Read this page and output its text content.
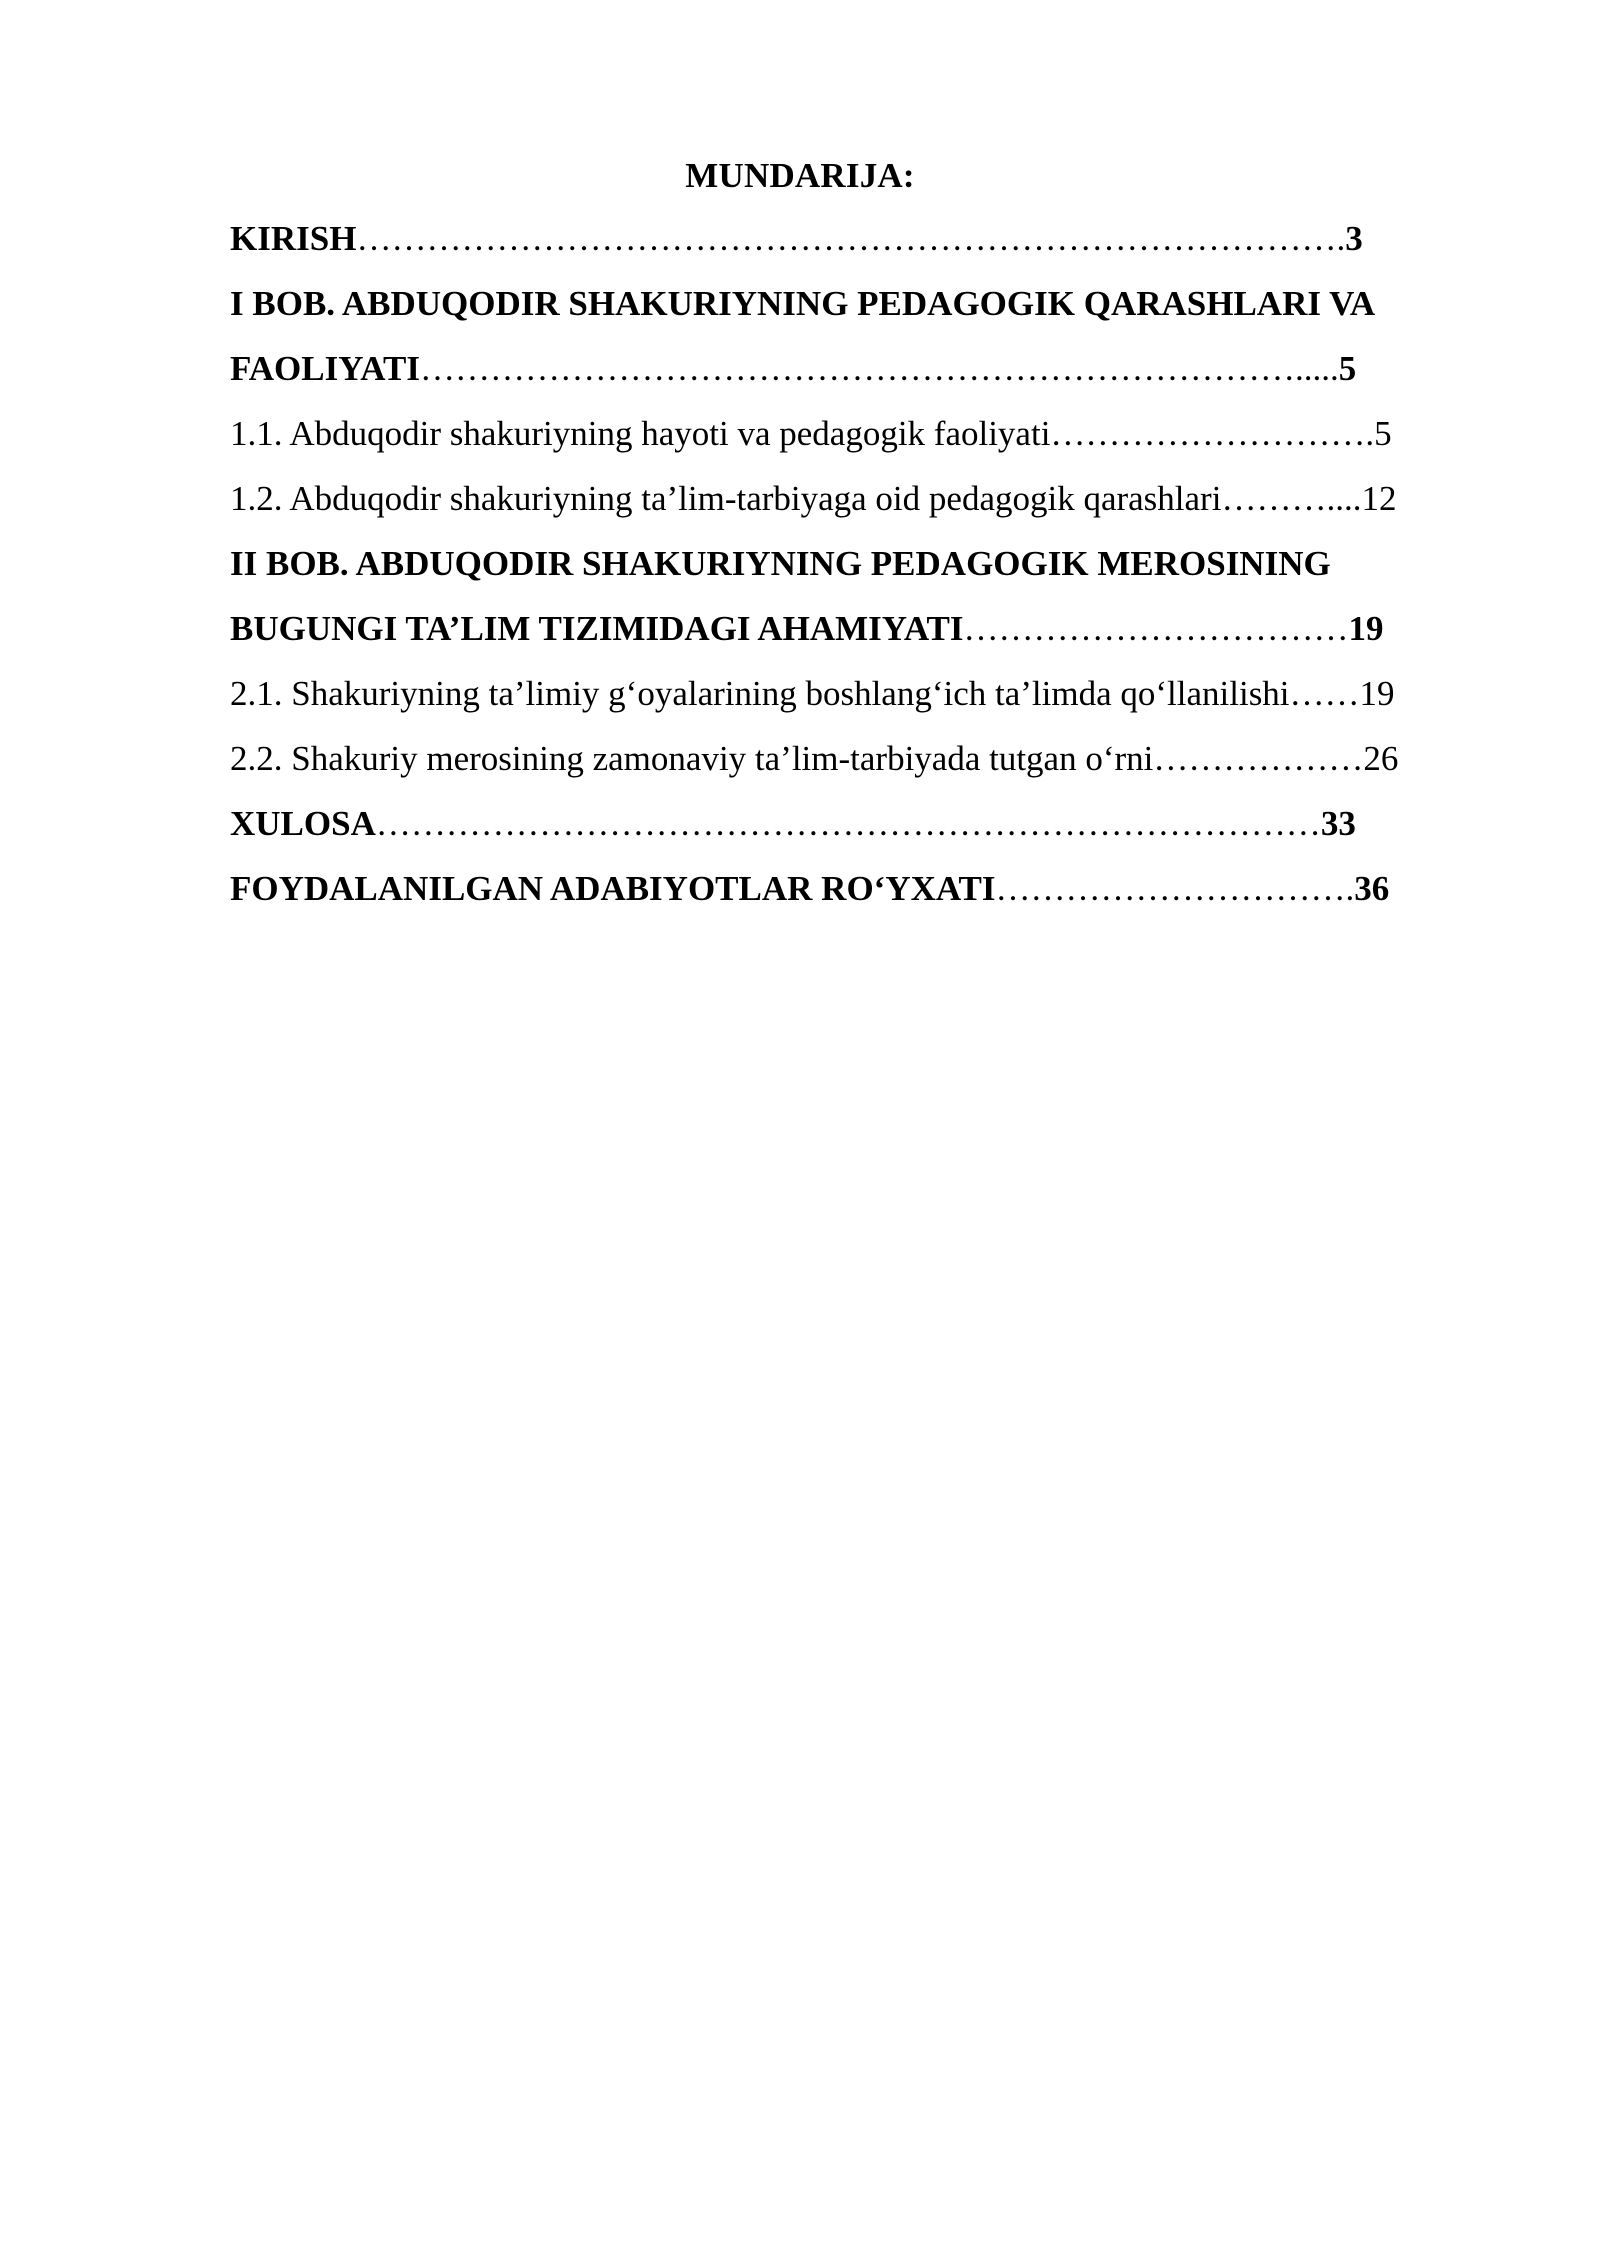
MUNDARIJA:
KIRISH………………………………………………………………………….3
I BOB. ABDUQODIR SHAKURIYNING PEDAGOGIK QARASHLARI VA
FAOLIYATI………………………………………………………………….....5
1.1. Abduqodir shakuriyning hayoti va pedagogik faoliyati……………………….5
1.2. Abduqodir shakuriyning ta’lim-tarbiyaga oid pedagogik qarashlari………....12
II BOB. ABDUQODIR SHAKURIYNING PEDAGOGIK MEROSINING
BUGUNGI TA’LIM TIZIMIDAGI AHAMIYATI……………………………19
2.1. Shakuriyning ta’limiy g‘oyalarining boshlang‘ich ta’limda qo‘llanilishi……19
2.2. Shakuriy merosining zamonaviy ta’lim-tarbiyada tutgan o‘rni………………26
XULOSA………………………………………………………………………33
FOYDALANILGAN ADABIYOTLAR RO‘YXATI………………………….36
